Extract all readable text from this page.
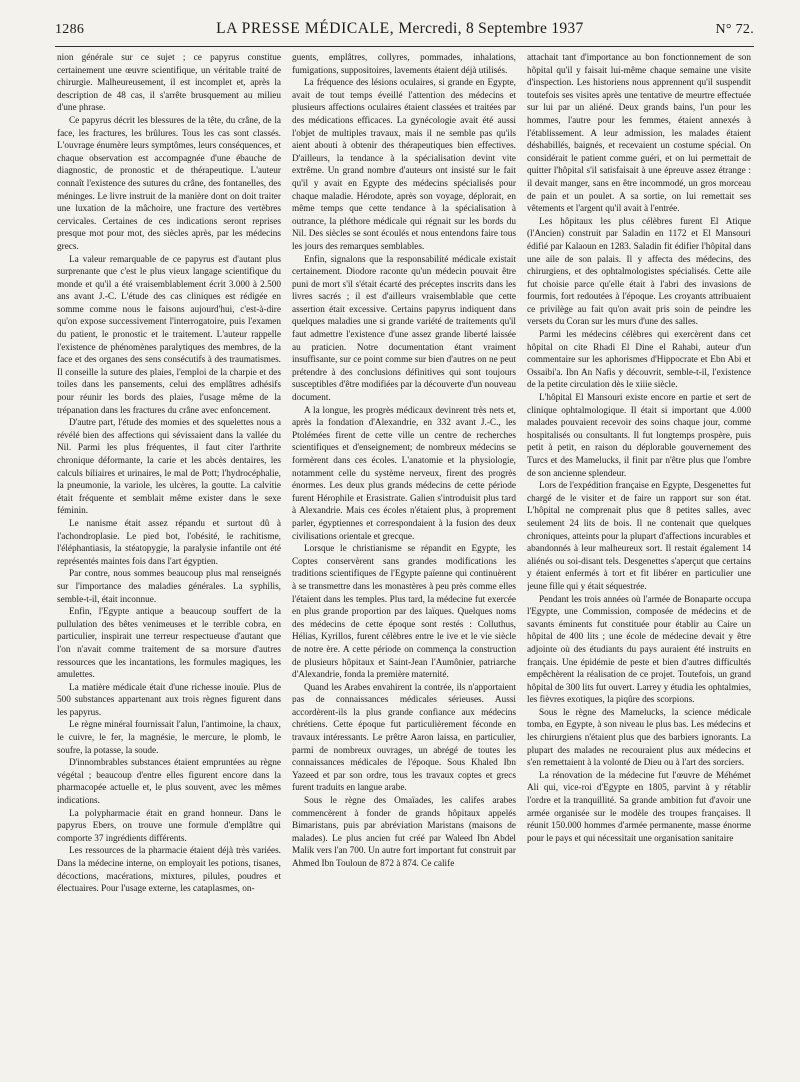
1286	LA PRESSE MÉDICALE, Mercredi, 8 Septembre 1937	N° 72.

nion générale sur ce sujet ; ce papyrus constitue certainement une œuvre scientifique, un véritable traité de chirurgie. Malheureusement, il est incomplet et, après la description de 48 cas, il s'arrête brusquement au milieu d'une phrase.

Ce papyrus décrit les blessures de la tête, du crâne, de la face, les fractures, les brûlures. Tous les cas sont classés. L'ouvrage énumère leurs symptômes, leurs conséquences, et chaque observation est accompagnée d'une ébauche de diagnostic, de pronostic et de thérapeutique. L'auteur connaît l'existence des sutures du crâne, des fontanelles, des méninges. Le livre instruit de la manière dont on doit traiter une luxation de la mâchoire, une fracture des vertèbres cervicales. Certaines de ces indications seront reprises presque mot pour mot, des siècles après, par les médecins grecs.

La valeur remarquable de ce papyrus est d'autant plus surprenante que c'est le plus vieux langage scientifique du monde et qu'il a été vraisemblablement écrit 3.000 à 2.500 ans avant J.-C. L'étude des cas cliniques est rédigée en somme comme nous le faisons aujourd'hui, c'est-à-dire qu'on expose successivement l'interrogatoire, puis l'examen du patient, le pronostic et le traitement. L'auteur rappelle l'existence de phénomènes paralytiques des membres, de la face et des organes des sens consécutifs à des traumatismes. Il conseille la suture des plaies, l'emploi de la charpie et des toiles dans les pansements, celui des emplâtres adhésifs pour réunir les bords des plaies, l'usage même de la trépanation dans les fractures du crâne avec enfoncement.

D'autre part, l'étude des momies et des squelettes nous a révélé bien des affections qui sévissaient dans la vallée du Nil. Parmi les plus fréquentes, il faut citer l'arthrite chronique déformante, la carie et les abcès dentaires, les calculs biliaires et urinaires, le mal de Pott; l'hydrocéphalie, la pneumonie, la variole, les ulcères, la goutte. La calvitie était fréquente et semblait même exister dans le sexe féminin.

Le nanisme était assez répandu et surtout dû à l'achondroplasie. Le pied bot, l'obésité, le rachitisme, l'éléphantiasis, la stéatopygie, la paralysie infantile ont été représentés maintes fois dans l'art égyptien.

Par contre, nous sommes beaucoup plus mal renseignés sur l'importance des maladies générales. La syphilis, semble-t-il, était inconnue.

Enfin, l'Egypte antique a beaucoup souffert de la pullulation des bêtes venimeuses et le terrible cobra, en particulier, inspirait une terreur respectueuse d'autant que l'on n'avait comme traitement de sa morsure d'autres ressources que les incantations, les formules magiques, les amulettes.

La matière médicale était d'une richesse inouïe. Plus de 500 substances appartenant aux trois règnes figurent dans les papyrus.

Le règne minéral fournissait l'alun, l'antimoine, la chaux, le cuivre, le fer, la magnésie, le mercure, le plomb, le soufre, la potasse, la soude.

D'innombrables substances étaient empruntées au règne végétal ; beaucoup d'entre elles figurent encore dans la pharmacopée actuelle et, le plus souvent, avec les mêmes indications.

La polypharmacie était en grand honneur. Dans le papyrus Ebers, on trouve une formule d'emplâtre qui comporte 37 ingrédients différents.

Les ressources de la pharmacie étaient déjà très variées. Dans la médecine interne, on employait les potions, tisanes, décoctions, macérations, mixtures, pilules, poudres et électuaires. Pour l'usage externe, les cataplasmes, on-

guents, emplâtres, collyres, pommades, inhalations, fumigations, suppositoires, lavements étaient déjà utilisés.

La fréquence des lésions oculaires, si grande en Egypte, avait de tout temps éveillé l'attention des médecins et plusieurs affections oculaires étaient classées et traitées par des médications efficaces. La gynécologie avait été aussi l'objet de multiples travaux, mais il ne semble pas qu'ils aient abouti à obtenir des thérapeutiques bien effectives. D'ailleurs, la tendance à la spécialisation devint vite extrême. Un grand nombre d'auteurs ont insisté sur le fait qu'il y avait en Egypte des médecins spécialisés pour chaque maladie. Hérodote, après son voyage, déplorait, en même temps que cette tendance à la spécialisation à outrance, la pléthore médicale qui régnait sur les bords du Nil. Des siècles se sont écoulés et nous entendons faire tous les jours des remarques semblables.

Enfin, signalons que la responsabilité médicale existait certainement. Diodore raconte qu'un médecin pouvait être puni de mort s'il s'était écarté des préceptes inscrits dans les livres sacrés ; il est d'ailleurs vraisemblable que cette assertion était excessive. Certains papyrus indiquent dans quelques maladies une si grande variété de traitements qu'il faut admettre l'existence d'une assez grande liberté laissée au praticien. Notre documentation étant vraiment insuffisante, sur ce point comme sur bien d'autres on ne peut prétendre à des conclusions définitives qui sont toujours susceptibles d'être modifiées par la découverte d'un nouveau document.

A la longue, les progrès médicaux devinrent très nets et, après la fondation d'Alexandrie, en 332 avant J.-C., les Ptolémées firent de cette ville un centre de recherches scientifiques et d'enseignement; de nombreux médecins se formèrent dans ces écoles. L'anatomie et la physiologie, notamment celle du système nerveux, firent des progrès énormes. Les deux plus grands médecins de cette période furent Hérophile et Erasistrate. Galien s'introduisit plus tard à Alexandrie. Mais ces écoles n'étaient plus, à proprement parler, égyptiennes et correspondaient à la fusion des deux civilisations orientale et grecque.

Lorsque le christianisme se répandit en Egypte, les Coptes conservèrent sans grandes modifications les traditions scientifiques de l'Egypte païenne qui continuèrent à se transmettre dans les monastères à peu près comme elles l'étaient dans les temples. Plus tard, la médecine fut exercée en plus grande proportion par des laïques. Quelques noms des médecins de cette époque sont restés : Colluthus, Hélias, Kyrillos, furent célèbres entre le ive et le vie siècle de notre ère. A cette période on commença la construction de plusieurs hôpitaux et Saint-Jean l'Aumônier, patriarche d'Alexandrie, fonda la première maternité.

Quand les Arabes envahirent la contrée, ils n'apportaient pas de connaissances médicales sérieuses. Aussi accordèrent-ils la plus grande confiance aux médecins chrétiens. Cette époque fut particulièrement féconde en travaux intéressants. Le prêtre Aaron laissa, en particulier, parmi de nombreux ouvrages, un abrégé de toutes les connaissances médicales de l'époque. Sous Khaled Ibn Yazeed et par son ordre, tous les travaux coptes et grecs furent traduits en langue arabe.

Sous le règne des Omaïades, les califes arabes commencèrent à fonder de grands hôpitaux appelés Bimaristans, puis par abréviation Maristans (maisons de malades). Le plus ancien fut créé par Waleed Ibn Abdel Malik vers l'an 700. Un autre fort important fut construit par Ahmed Ibn Touloun de 872 à 874. Ce calife

attachait tant d'importance au bon fonctionnement de son hôpital qu'il y faisait lui-même chaque semaine une visite d'inspection. Les historiens nous apprennent qu'il suspendit toutefois ses visites après une tentative de meurtre effectuée sur lui par un aliéné. Deux grands bains, l'un pour les hommes, l'autre pour les femmes, étaient annexés à l'établissement. A leur admission, les malades étaient déshabillés, baignés, et recevaient un costume spécial. On considérait le patient comme guéri, et on lui permettait de quitter l'hôpital s'il satisfaisait à une épreuve assez étrange : il devait manger, sans en être incommodé, un gros morceau de pain et un poulet. A sa sortie, on lui remettait ses vêtements et l'argent qu'il avait à l'entrée.

Les hôpitaux les plus célèbres furent El Atique (l'Ancien) construit par Saladin en 1172 et El Mansouri édifié par Kalaoun en 1283. Saladin fit édifier l'hôpital dans une aile de son palais. Il y affecta des médecins, des chirurgiens, et des ophtalmologistes spécialisés. Cette aile fut choisie parce qu'elle était à l'abri des invasions de fourmis, fort redoutées à l'époque. Les croyants attribuaient ce privilège au fait qu'on avait pris soin de peindre les versets du Coran sur les murs d'une des salles.

Parmi les médecins célèbres qui exercèrent dans cet hôpital on cite Rhadi El Dine el Rahabi, auteur d'un commentaire sur les aphorismes d'Hippocrate et Ebn Abi et Ossaibi'a. Ibn An Nafis y découvrit, semble-t-il, l'existence de la petite circulation dès le xiiie siècle.

L'hôpital El Mansouri existe encore en partie et sert de clinique ophtalmologique. Il était si important que 4.000 malades pouvaient recevoir des soins chaque jour, comme hospitalisés ou consultants. Il fut longtemps prospère, puis petit à petit, en raison du déplorable gouvernement des Turcs et des Mamelucks, il finit par n'être plus que l'ombre de son ancienne splendeur.

Lors de l'expédition française en Egypte, Desgenettes fut chargé de le visiter et de faire un rapport sur son état. L'hôpital ne comprenait plus que 8 petites salles, avec seulement 24 lits de bois. Il ne contenait que quelques chroniques, atteints pour la plupart d'affections incurables et abandonnés à leur malheureux sort. Il restait également 14 aliénés ou soi-disant tels. Desgenettes s'aperçut que certains y étaient enfermés à tort et fit libérer en particulier une jeune fille qui y était séquestrée.

Pendant les trois années où l'armée de Bonaparte occupa l'Egypte, une Commission, composée de médecins et de savants éminents fut constituée pour établir au Caire un hôpital de 400 lits ; une école de médecine devait y être adjointe où des étudiants du pays auraient été instruits en français. Une épidémie de peste et bien d'autres difficultés empêchèrent la réalisation de ce projet. Toutefois, un grand hôpital de 300 lits fut ouvert. Larrey y étudia les ophtalmies, les fièvres exotiques, la piqûre des scorpions.

Sous le règne des Mamelucks, la science médicale tomba, en Egypte, à son niveau le plus bas. Les médecins et les chirurgiens n'étaient plus que des barbiers ignorants. La plupart des malades ne recouraient plus aux médecins et s'en remettaient à la volonté de Dieu ou à l'art des sorciers.

La rénovation de la médecine fut l'œuvre de Méhémet Ali qui, vice-roi d'Egypte en 1805, parvint à y rétablir l'ordre et la tranquillité. Sa grande ambition fut d'avoir une armée organisée sur le modèle des troupes françaises. Il réunit 150.000 hommes d'armée permanente, masse énorme pour le pays et qui nécessitait une organisation sanitaire
